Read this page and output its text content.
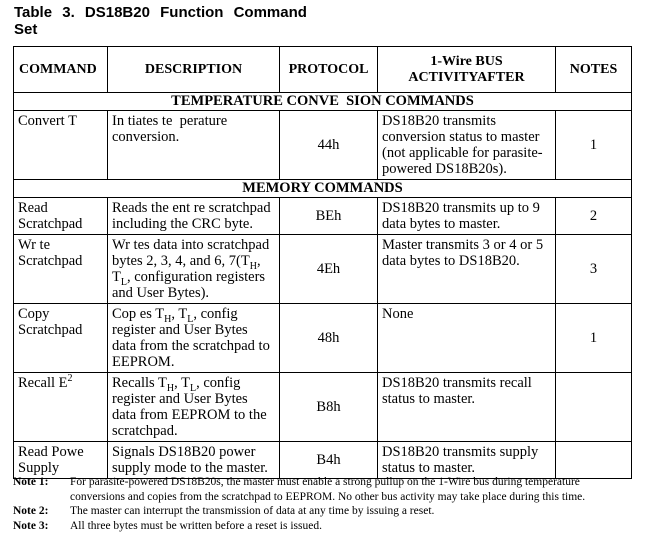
Table 3. DS18B20 Function Command
Set
COMMAND	DESCRIPTION	PROTOCOL	1-Wire BUS
ACTIVITYAFTER	NOTES
TEMPERATURE CONVE  SION COMMANDS				
Convert T	In tiates te  perature conversion.	44h	DS18B20 transmits conversion status to master (not applicable for parasite-powered DS18B20s).	1
MEMORY COMMANDS				
Read Scratchpad	Reads the ent re scratchpad including the CRC byte.	BEh	DS18B20 transmits up to 9 data bytes to master.	2
Wr te Scratchpad	Wr tes data into scratchpad bytes 2, 3, 4, and 6, $7(T_H$, $T_L$, configuration registers and User Bytes).	4Eh	Master transmits 3 or 4 or 5 data bytes to DS18B20.	3
Copy Scratchpad	Cop es $T_H$, $T_L$, config register and User Bytes data from the scratchpad to EEPROM.	48h	None	1
Recall $E^2$	Recalls $T_H$, $T_L$, config register and User Bytes data from EEPROM to the scratchpad.	B8h	DS18B20 transmits recall status to master.	
Read Powe Supply	Signals DS18B20 power supply mode to the master.	B4h	DS18B20 transmits supply status to master.	
Note 1:	For parasite-powered DS18B20s, the master must enable a strong pullup on the 1-Wire bus during temperature conversions and copies from the scratchpad to EEPROM. No other bus activity may take place during this time.
Note 2:	The master can interrupt the transmission of data at any time by issuing a reset.
Note 3:	All three bytes must be written before a reset is issued.
